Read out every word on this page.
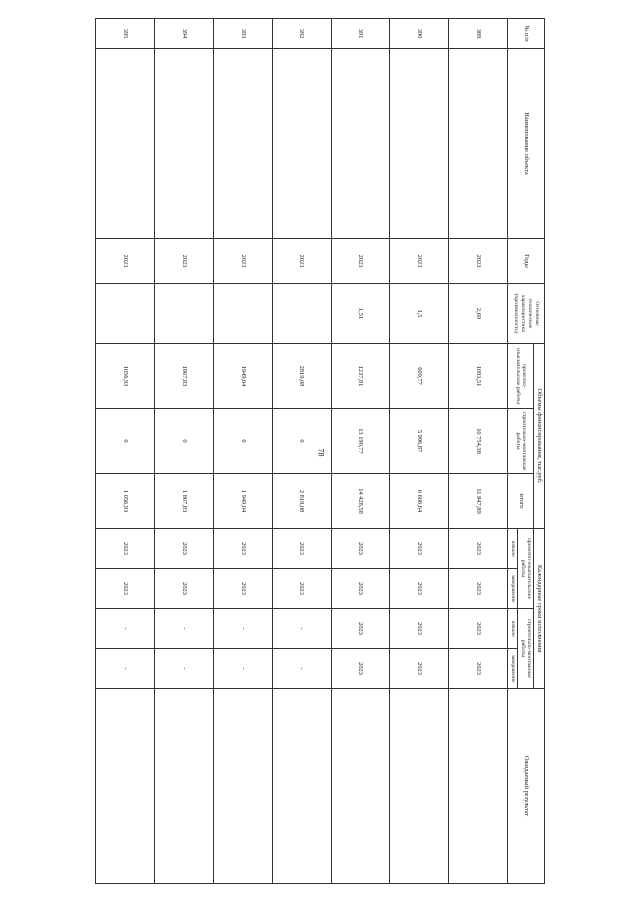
78
№ п/п	Наименование объекта	Годы	Основные технические характеристики (протяженность)	Объемы финансирования, тыс.руб.			Календарные сроки исполнения				Ожидаемый результат
				проектно-изыскательские работы	строительно-монтажные работы	итого	проектно-изыскательские работы		строительно-монтажные работы		
							начало	завершение	начало	завершение	
389		2023	2,69	1093,51	10 754,38	11 847,89	2023	2023	2023	2023	
390		2023	1,5	609,77	5 996,87	6 606,64	2023	2023	2023	2023	
391		2023	1,51	1237,81	13 190,77	14 428,58	2023	2023	2023	2023	
392		2023		2819,08	0	2 819,08	2023	2023	-	-	
393		2023		1949,04	0	1 949,04	2023	2023	-	-	
394		2023		1867,83	0	1 867,83	2023	2023	-	-	
395		2023		1056,93	0	1 056,93	2023	2023	-	-	
